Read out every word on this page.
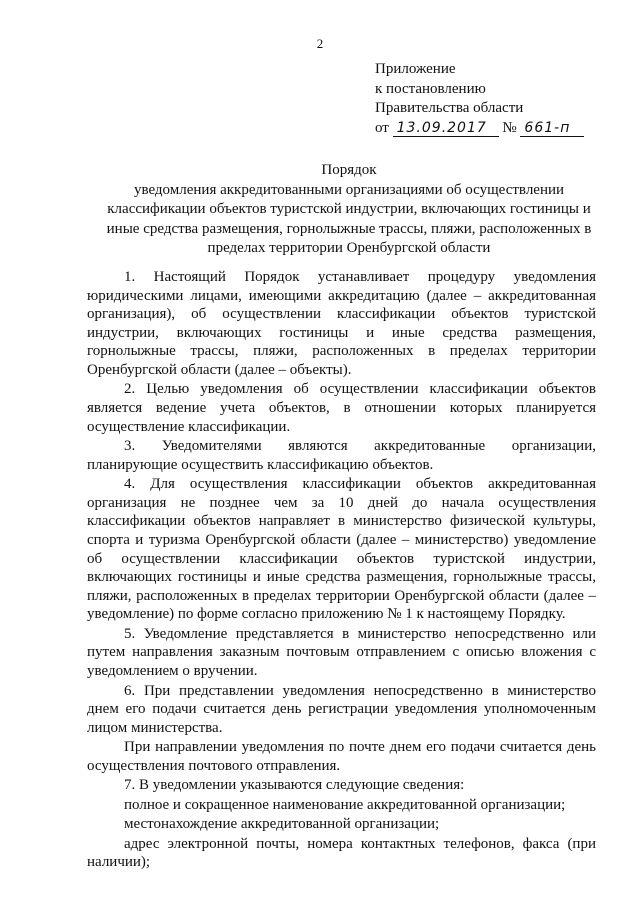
2
Приложение
к постановлению
Правительства области
от 13.09.2017 № 661-п
Порядок
уведомления аккредитованными организациями об осуществлении классификации объектов туристской индустрии, включающих гостиницы и иные средства размещения, горнолыжные трассы, пляжи, расположенных в пределах территории Оренбургской области

1. Настоящий Порядок устанавливает процедуру уведомления юридическими лицами, имеющими аккредитацию (далее – аккредитованная организация), об осуществлении классификации объектов туристской индустрии, включающих гостиницы и иные средства размещения, горнолыжные трассы, пляжи, расположенных в пределах территории Оренбургской области (далее – объекты).

2. Целью уведомления об осуществлении классификации объектов является ведение учета объектов, в отношении которых планируется осуществление классификации.

3. Уведомителями являются аккредитованные организации, планирующие осуществить классификацию объектов.

4. Для осуществления классификации объектов аккредитованная организация не позднее чем за 10 дней до начала осуществления классификации объектов направляет в министерство физической культуры, спорта и туризма Оренбургской области (далее – министерство) уведомление об осуществлении классификации объектов туристской индустрии, включающих гостиницы и иные средства размещения, горнолыжные трассы, пляжи, расположенных в пределах территории Оренбургской области (далее – уведомление) по форме согласно приложению № 1 к настоящему Порядку.

5. Уведомление представляется в министерство непосредственно или путем направления заказным почтовым отправлением с описью вложения с уведомлением о вручении.

6. При представлении уведомления непосредственно в министерство днем его подачи считается день регистрации уведомления уполномоченным лицом министерства.

При направлении уведомления по почте днем его подачи считается день осуществления почтового отправления.

7. В уведомлении указываются следующие сведения:

полное и сокращенное наименование аккредитованной организации;

местонахождение аккредитованной организации;

адрес электронной почты, номера контактных телефонов, факса (при наличии);
